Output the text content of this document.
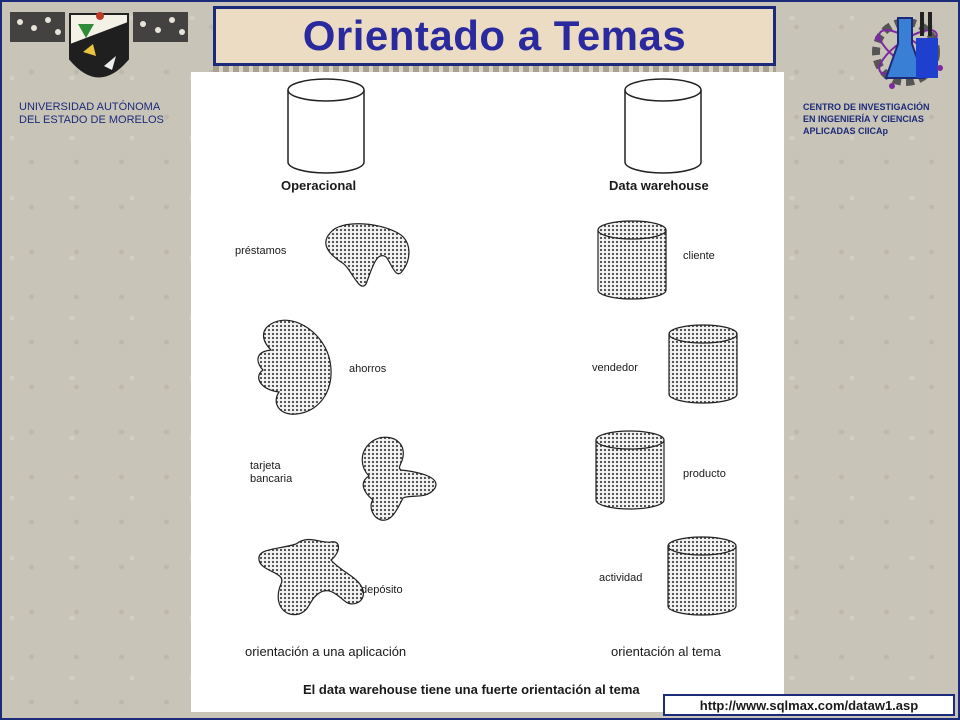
UNIVERSIDAD AUTÓNOMA
DEL ESTADO DE MORELOS
Orientado a Temas
CENTRO DE INVESTIGACIÓN
EN INGENIERÍA Y CIENCIAS
APLICADAS CIICAp
Operacional	Data warehouse
préstamos
ahorros
tarjeta
bancaria
depósito
cliente
vendedor
producto
actividad
orientación a una aplicación	orientación al tema
El data warehouse tiene una fuerte orientación al tema
http://www.sqlmax.com/dataw1.asp
